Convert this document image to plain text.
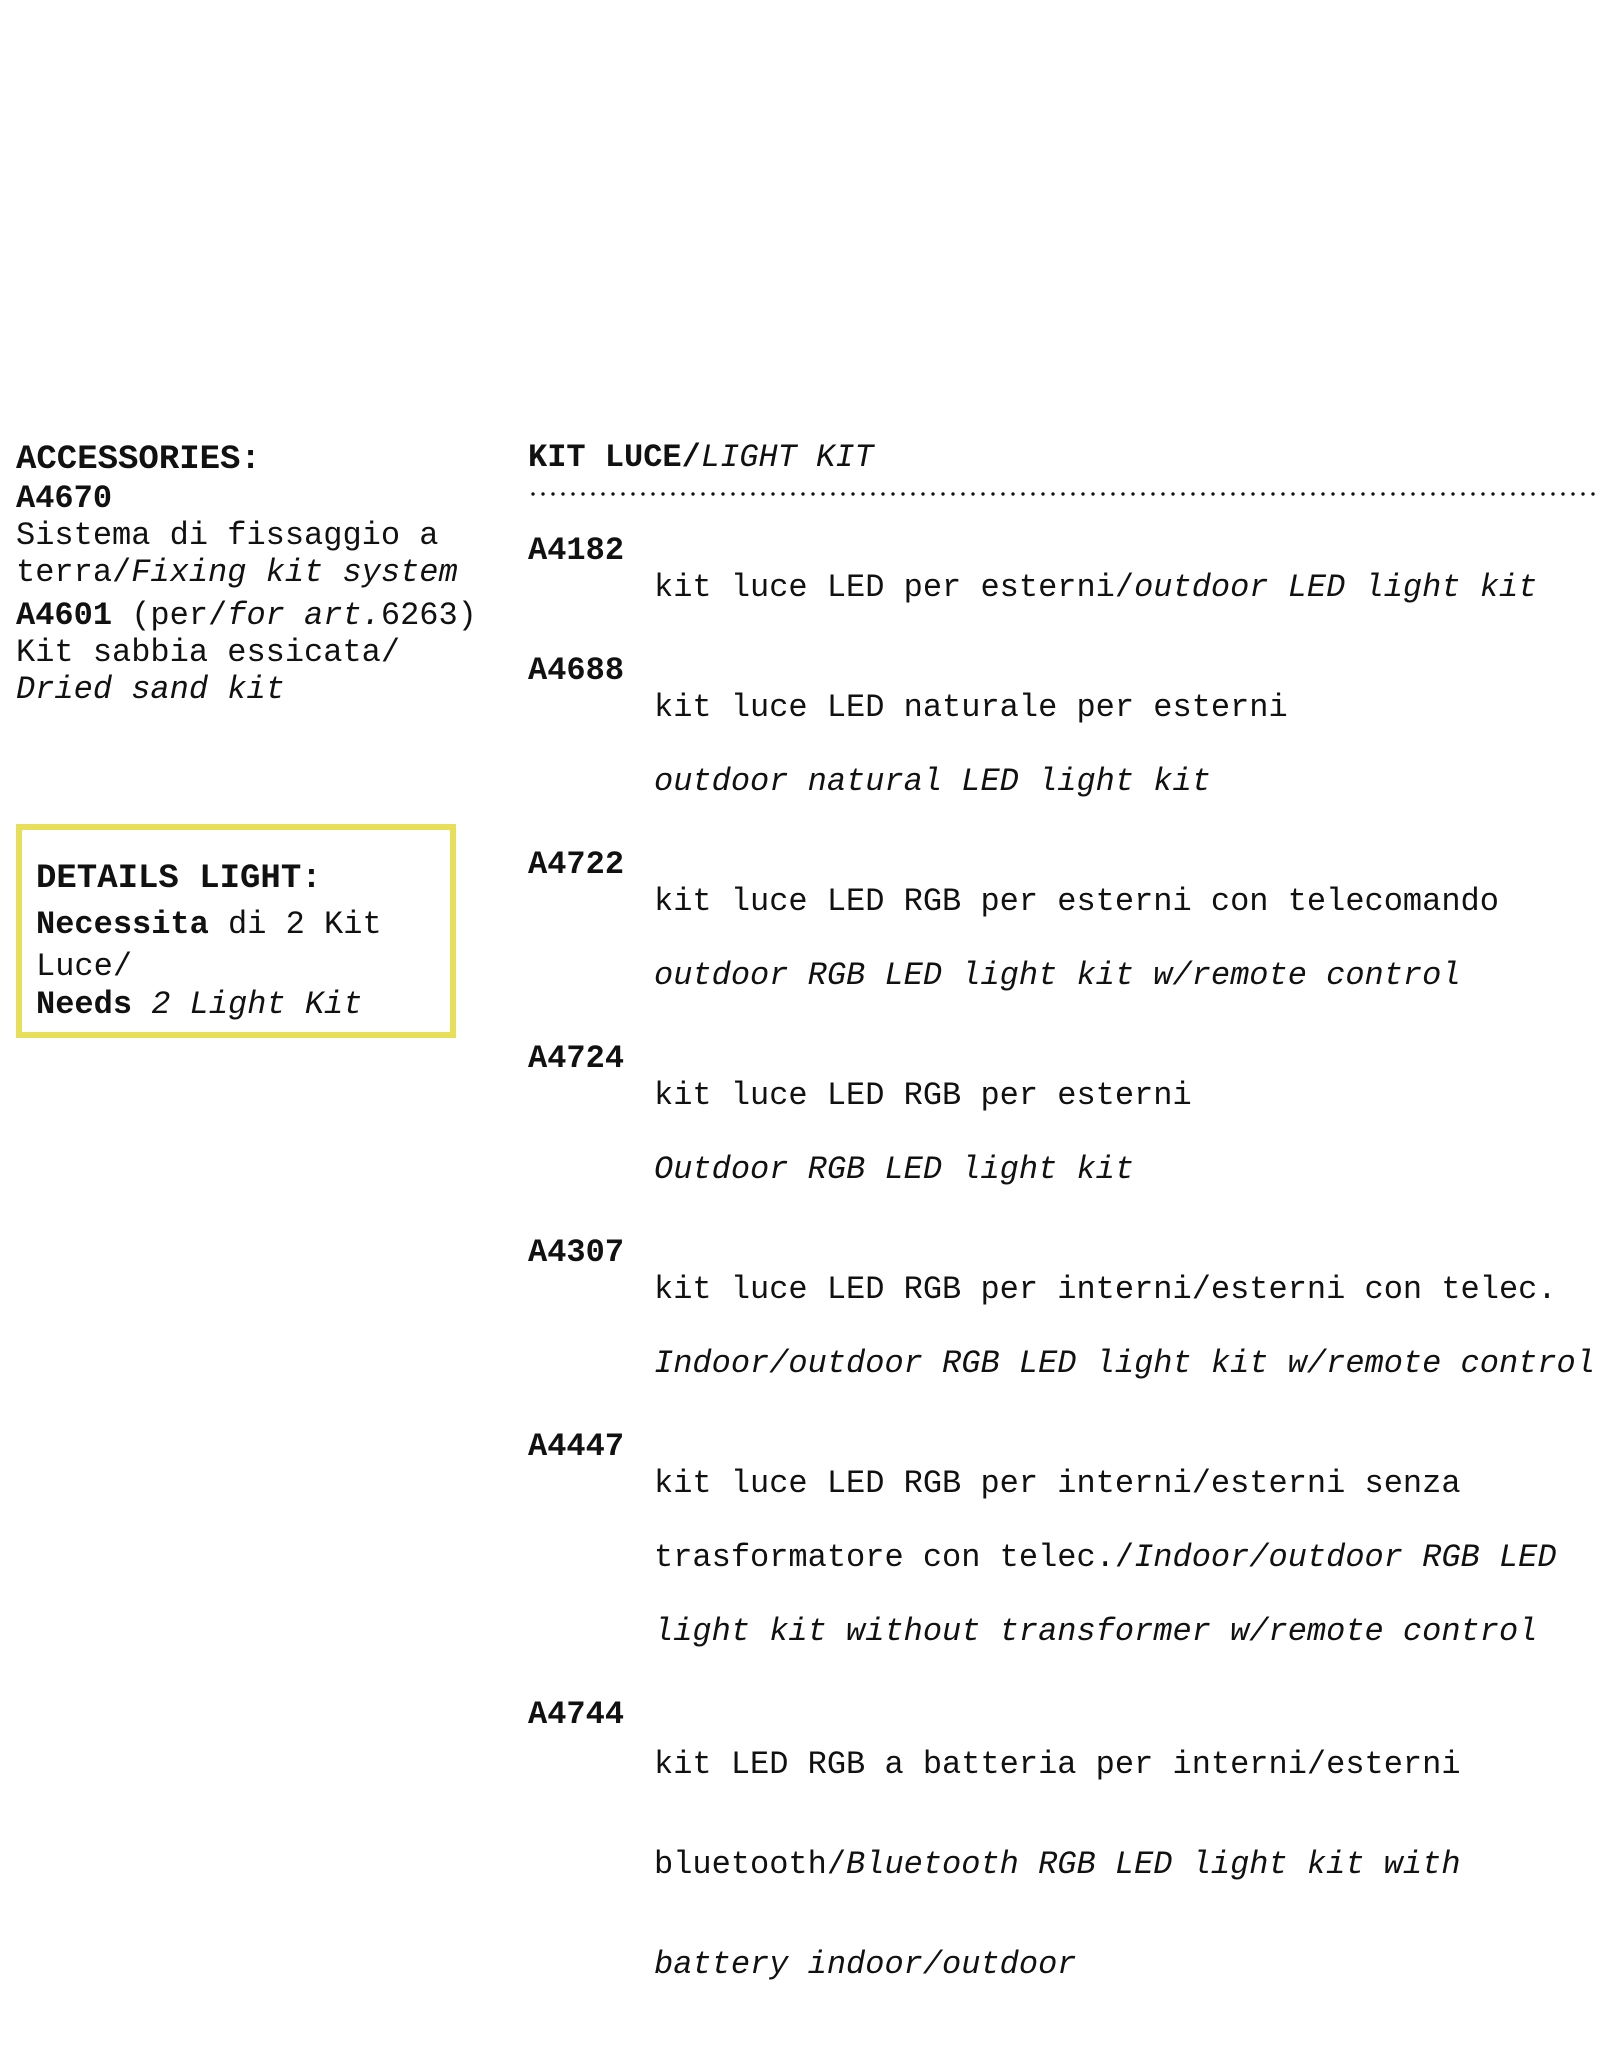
ACCESSORIES:
A4670
Sistema di fissaggio a
terra/Fixing kit system
A4601 (per/for art.6263)
Kit sabbia essicata/
Dried sand kit
DETAILS LIGHT:
Necessita di 2 Kit
Luce/
Needs 2 Light Kit
KIT LUCE/LIGHT KIT
A4182

kit luce LED per esterni/outdoor LED light kit

A4688

kit luce LED naturale per esterni

outdoor natural LED light kit

A4722

kit luce LED RGB per esterni con telecomando

outdoor RGB LED light kit w/remote control

A4724

kit luce LED RGB per esterni

Outdoor RGB LED light kit

A4307

kit luce LED RGB per interni/esterni con telec.

Indoor/outdoor RGB LED light kit w/remote control

A4447

kit luce LED RGB per interni/esterni senza

trasformatore con telec./Indoor/outdoor RGB LED

light kit without transformer w/remote control

A4744

kit LED RGB a batteria per interni/esterni

bluetooth/Bluetooth RGB LED light kit with

battery indoor/outdoor
